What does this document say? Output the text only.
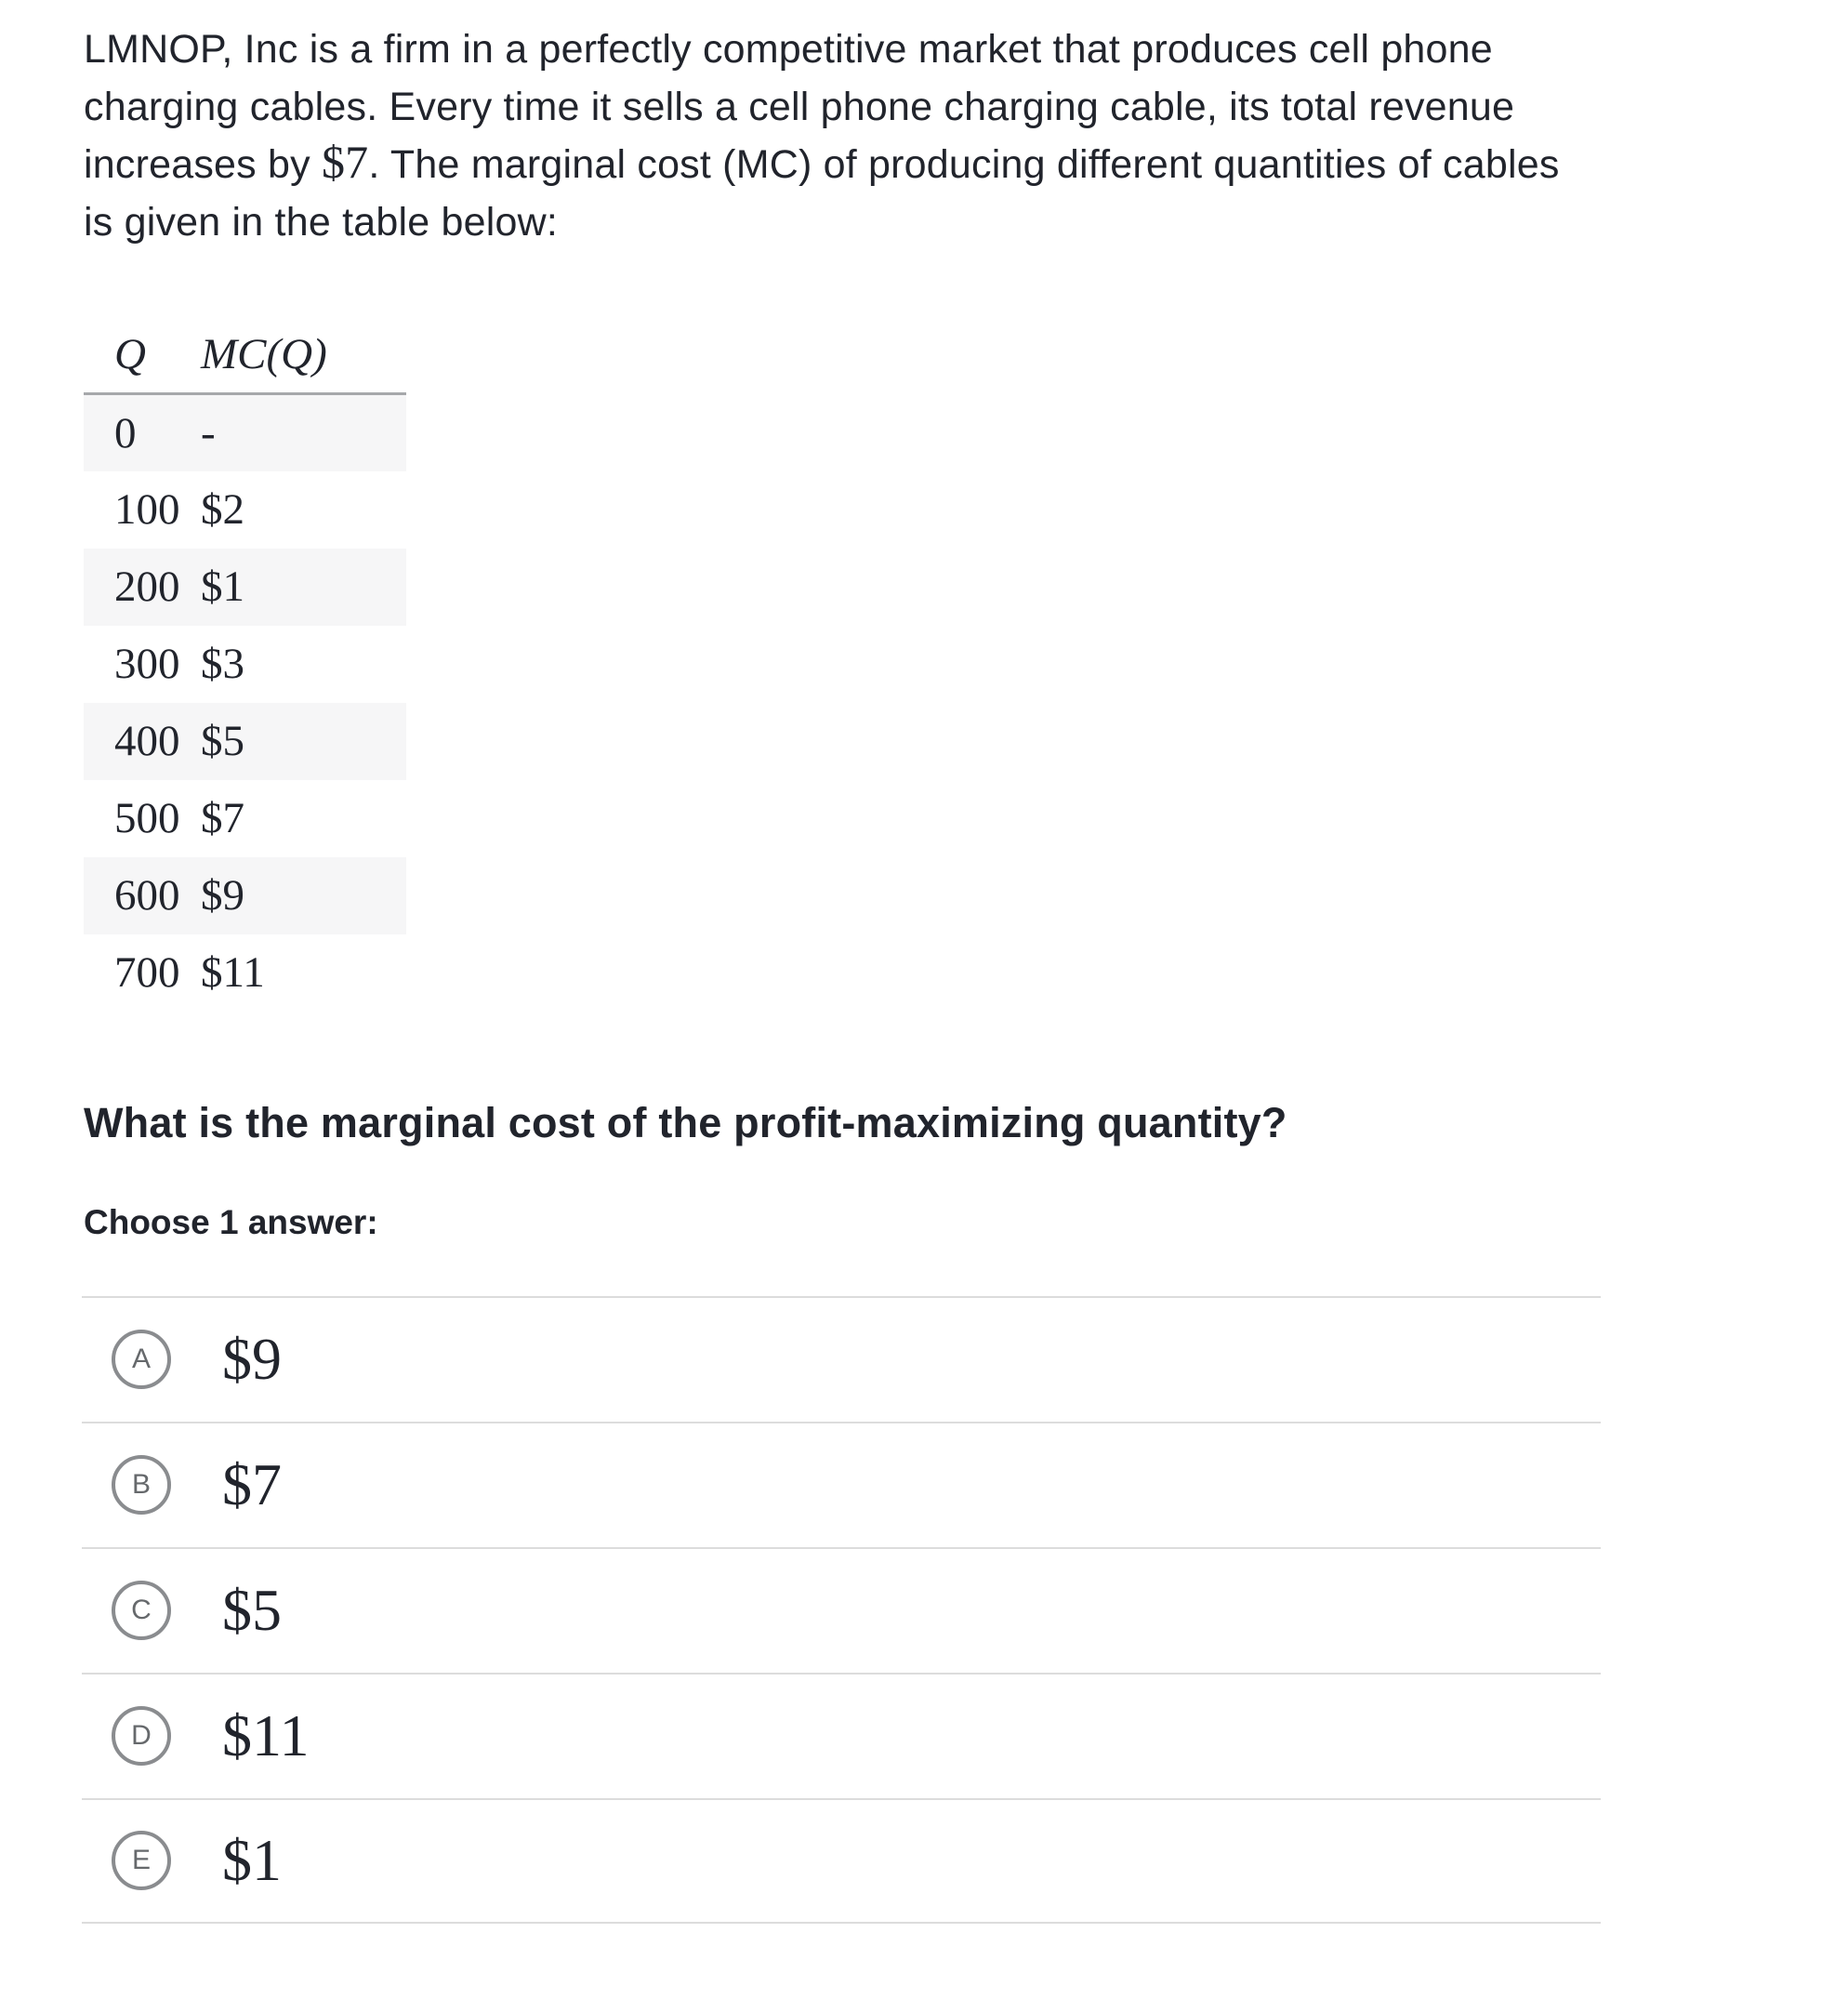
LMNOP, Inc is a firm in a perfectly competitive market that produces cell phone charging cables. Every time it sells a cell phone charging cable, its total revenue increases by $7. The marginal cost (MC) of producing different quantities of cables is given in the table below:

Q	MC(Q)
0	-
100	$2
200	$1
300	$3
400	$5
500	$7
600	$9
700	$11
What is the marginal cost of the profit-maximizing quantity?
Choose 1 answer:
A $9
B $7
C $5
D $11
E $1
